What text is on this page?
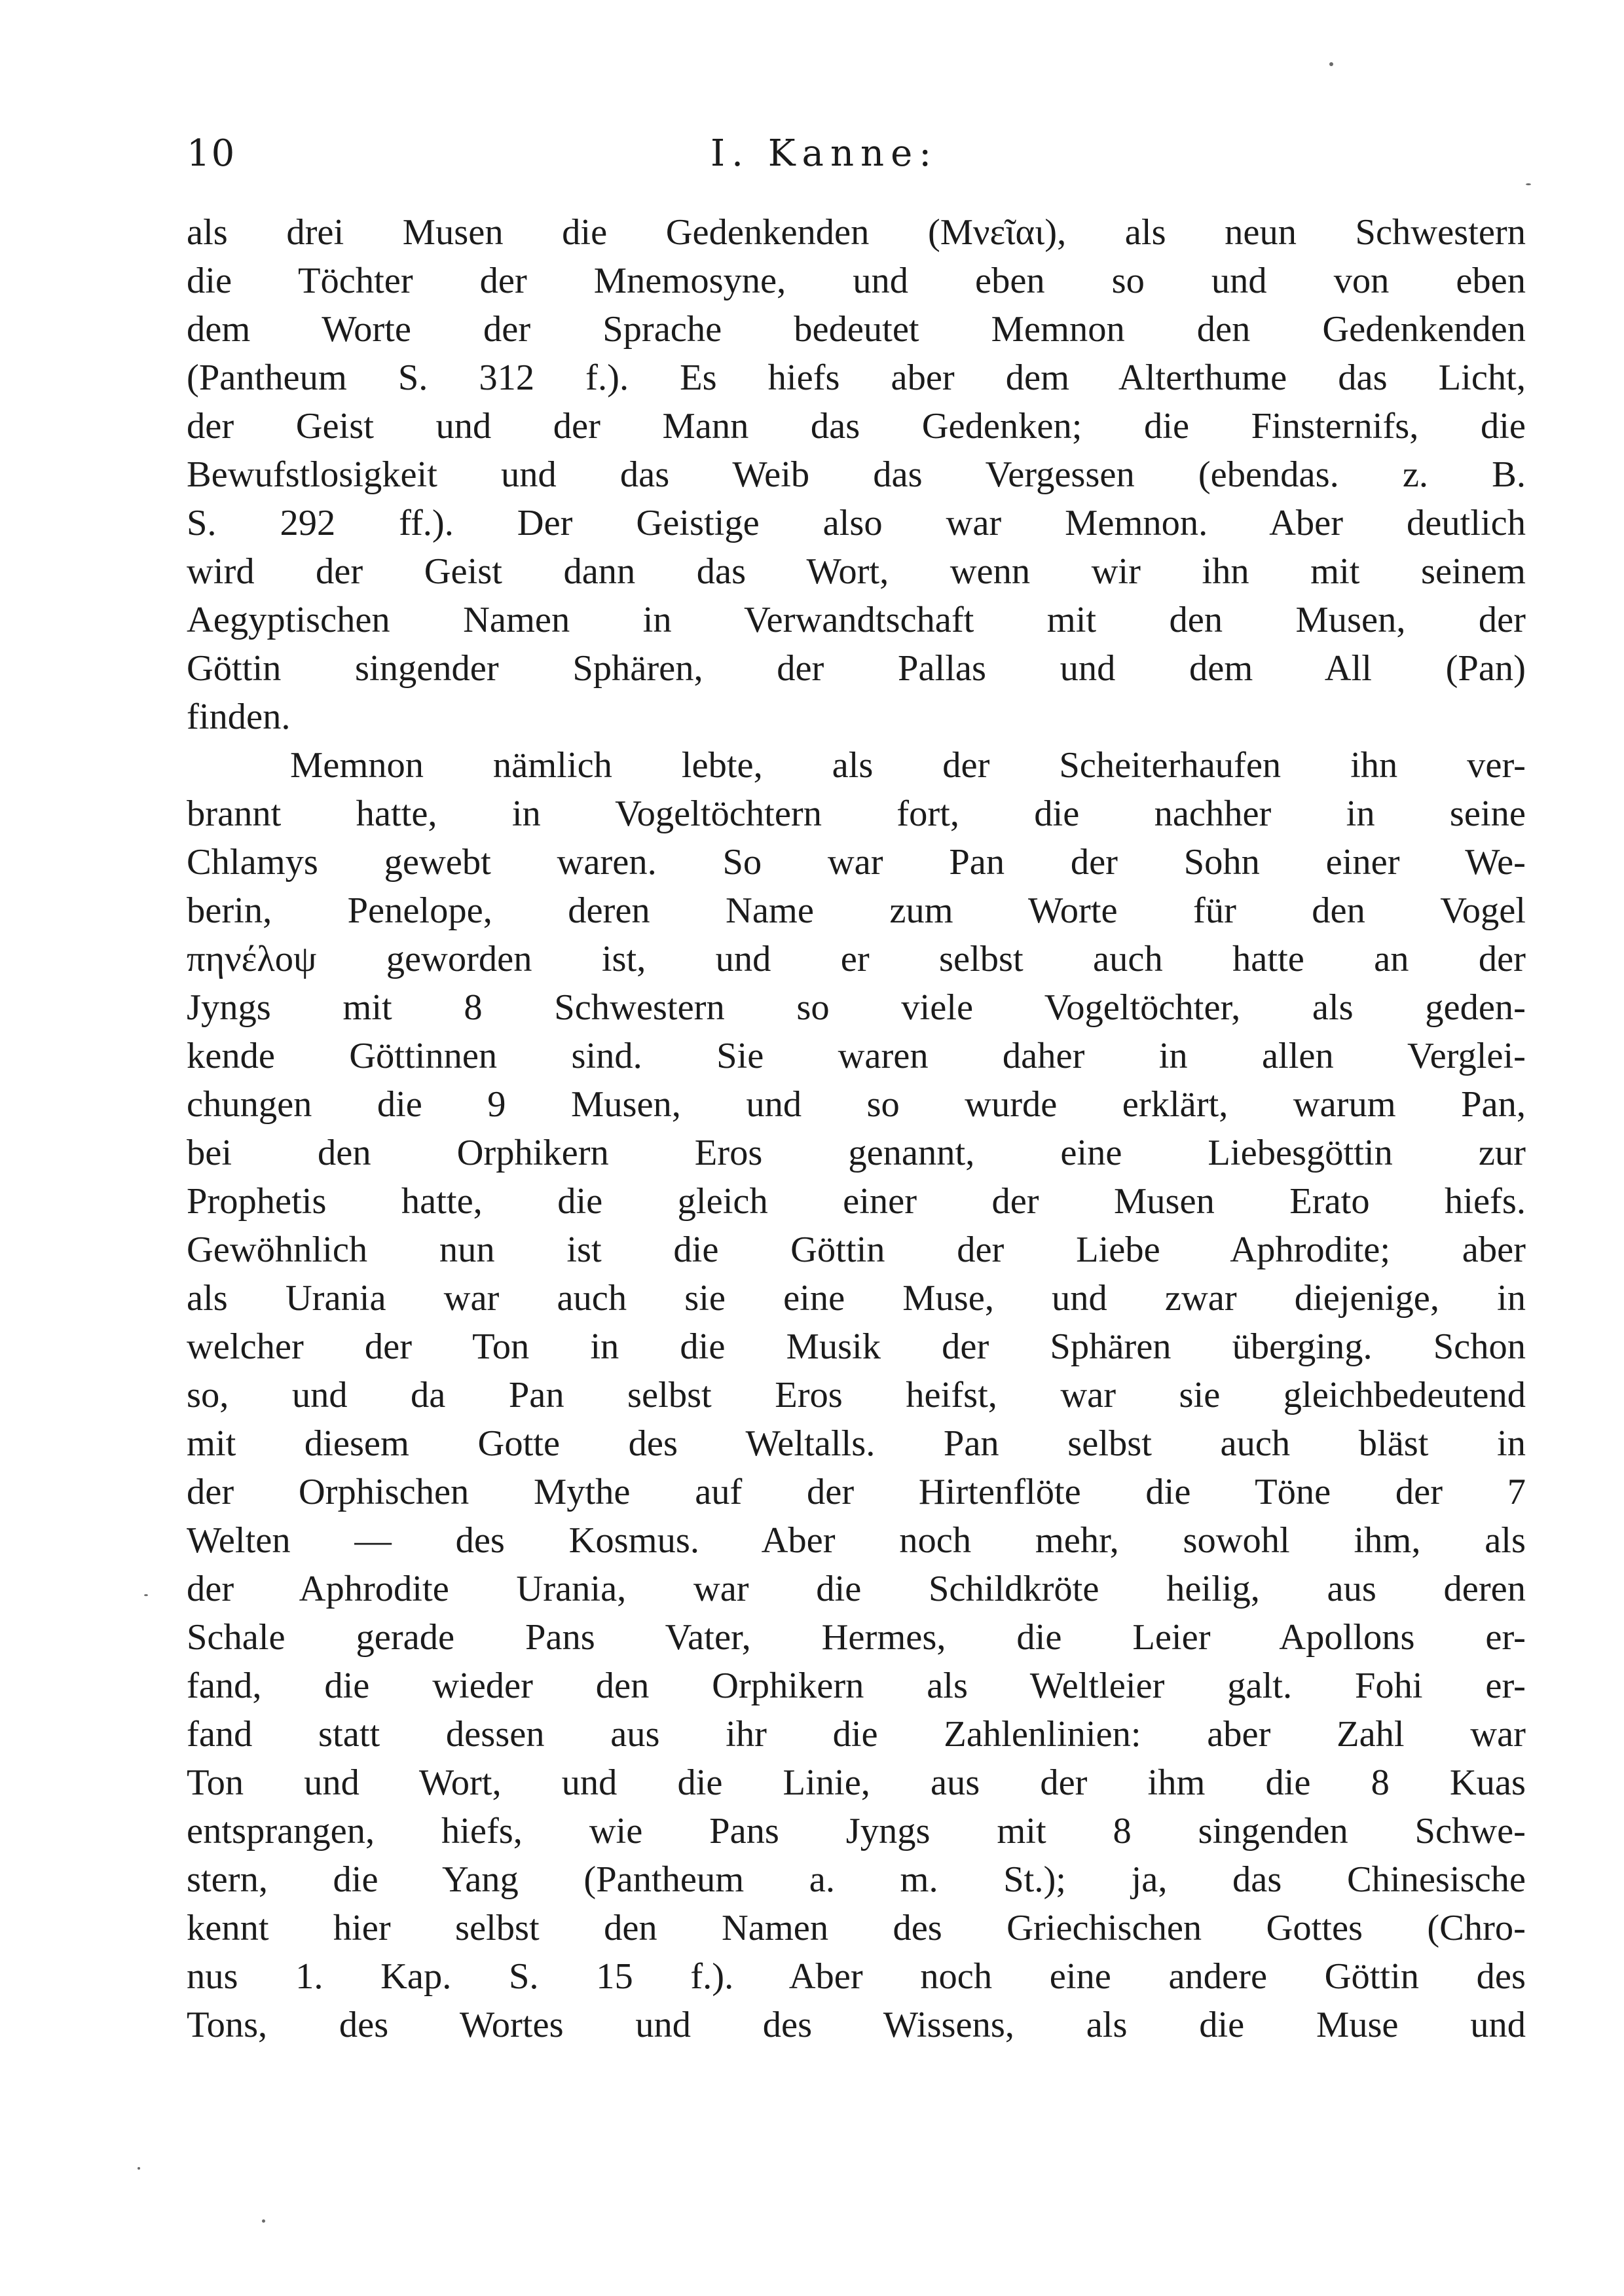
10	I. Kanne:
als drei Musen die Gedenkenden (Μνεῖαι), als neun Schwestern
die Töchter der Mnemosyne, und eben so und von eben
dem Worte der Sprache bedeutet Memnon den Gedenkenden
(Pantheum S. 312 f.). Es hiefs aber dem Alterthume das Licht,
der Geist und der Mann das Gedenken; die Finsternifs, die
Bewufstlosigkeit und das Weib das Vergessen (ebendas. z. B.
S. 292 ff.). Der Geistige also war Memnon. Aber deutlich
wird der Geist dann das Wort, wenn wir ihn mit seinem
Aegyptischen Namen in Verwandtschaft mit den Musen, der
Göttin singender Sphären, der Pallas und dem All (Pan)
finden.
Memnon nämlich lebte, als der Scheiterhaufen ihn ver-
brannt hatte, in Vogeltöchtern fort, die nachher in seine
Chlamys gewebt waren. So war Pan der Sohn einer We-
berin, Penelope, deren Name zum Worte für den Vogel
πηνέλοψ geworden ist, und er selbst auch hatte an der
Jyngs mit 8 Schwestern so viele Vogeltöchter, als geden-
kende Göttinnen sind. Sie waren daher in allen Verglei-
chungen die 9 Musen, und so wurde erklärt, warum Pan,
bei den Orphikern Eros genannt, eine Liebesgöttin zur
Prophetis hatte, die gleich einer der Musen Erato hiefs.
Gewöhnlich nun ist die Göttin der Liebe Aphrodite; aber
als Urania war auch sie eine Muse, und zwar diejenige, in
welcher der Ton in die Musik der Sphären überging. Schon
so, und da Pan selbst Eros heifst, war sie gleichbedeutend
mit diesem Gotte des Weltalls. Pan selbst auch bläst in
der Orphischen Mythe auf der Hirtenflöte die Töne der 7
Welten — des Kosmus. Aber noch mehr, sowohl ihm, als
der Aphrodite Urania, war die Schildkröte heilig, aus deren
Schale gerade Pans Vater, Hermes, die Leier Apollons er-
fand, die wieder den Orphikern als Weltleier galt. Fohi er-
fand statt dessen aus ihr die Zahlenlinien: aber Zahl war
Ton und Wort, und die Linie, aus der ihm die 8 Kuas
entsprangen, hiefs, wie Pans Jyngs mit 8 singenden Schwe-
stern, die Yang (Pantheum a. m. St.); ja, das Chinesische
kennt hier selbst den Namen des Griechischen Gottes (Chro-
nus 1. Kap. S. 15 f.). Aber noch eine andere Göttin des
Tons, des Wortes und des Wissens, als die Muse und
